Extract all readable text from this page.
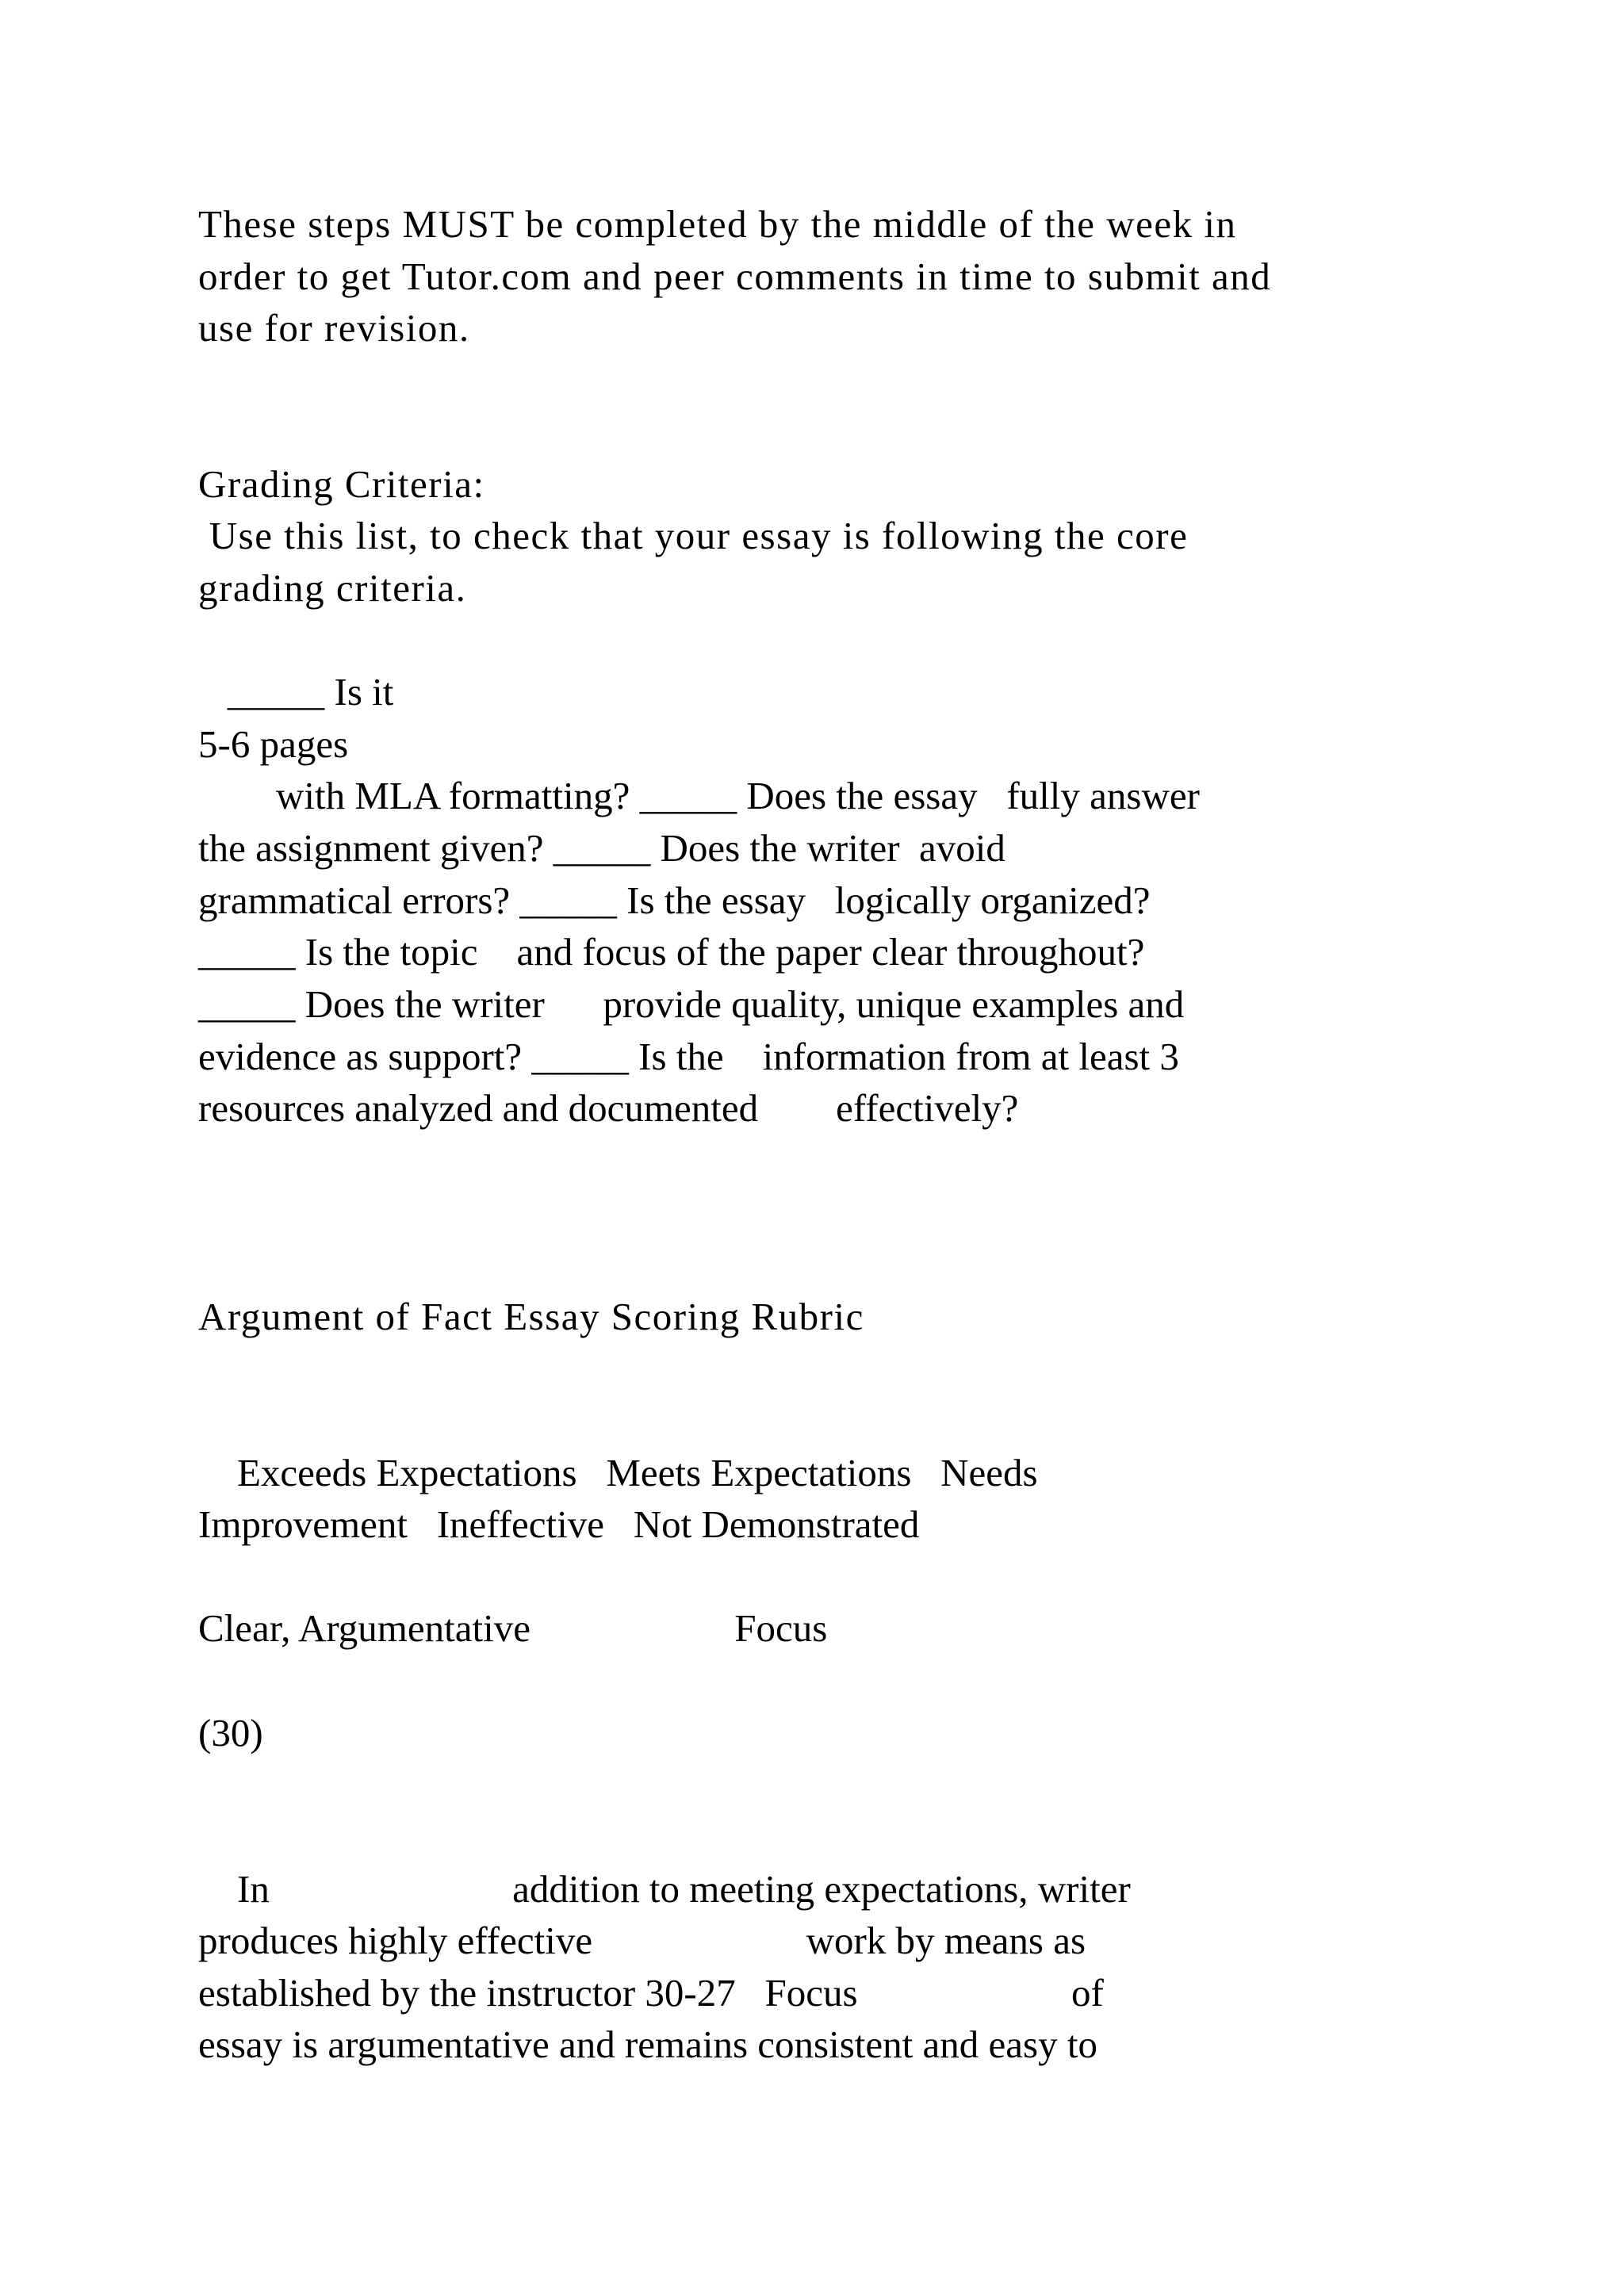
These steps MUST be completed by the middle of the week in
order to get Tutor.com and peer comments in time to submit and
use for revision.
Grading Criteria:
Use this list, to check that your essay is following the core
grading criteria.
_____ Is it
5-6 pages
with MLA formatting? _____ Does the essay   fully answer
the assignment given? _____ Does the writer  avoid
grammatical errors? _____ Is the essay   logically organized?
_____ Is the topic    and focus of the paper clear throughout?
_____ Does the writer      provide quality, unique examples and
evidence as support? _____ Is the    information from at least 3
resources analyzed and documented        effectively?
Argument of Fact Essay Scoring Rubric
Exceeds Expectations   Meets Expectations   Needs
Improvement   Ineffective   Not Demonstrated
Clear, Argumentative                     Focus
(30)
In                         addition to meeting expectations, writer
produces highly effective                      work by means as
established by the instructor 30-27   Focus                      of
essay is argumentative and remains consistent and easy to
